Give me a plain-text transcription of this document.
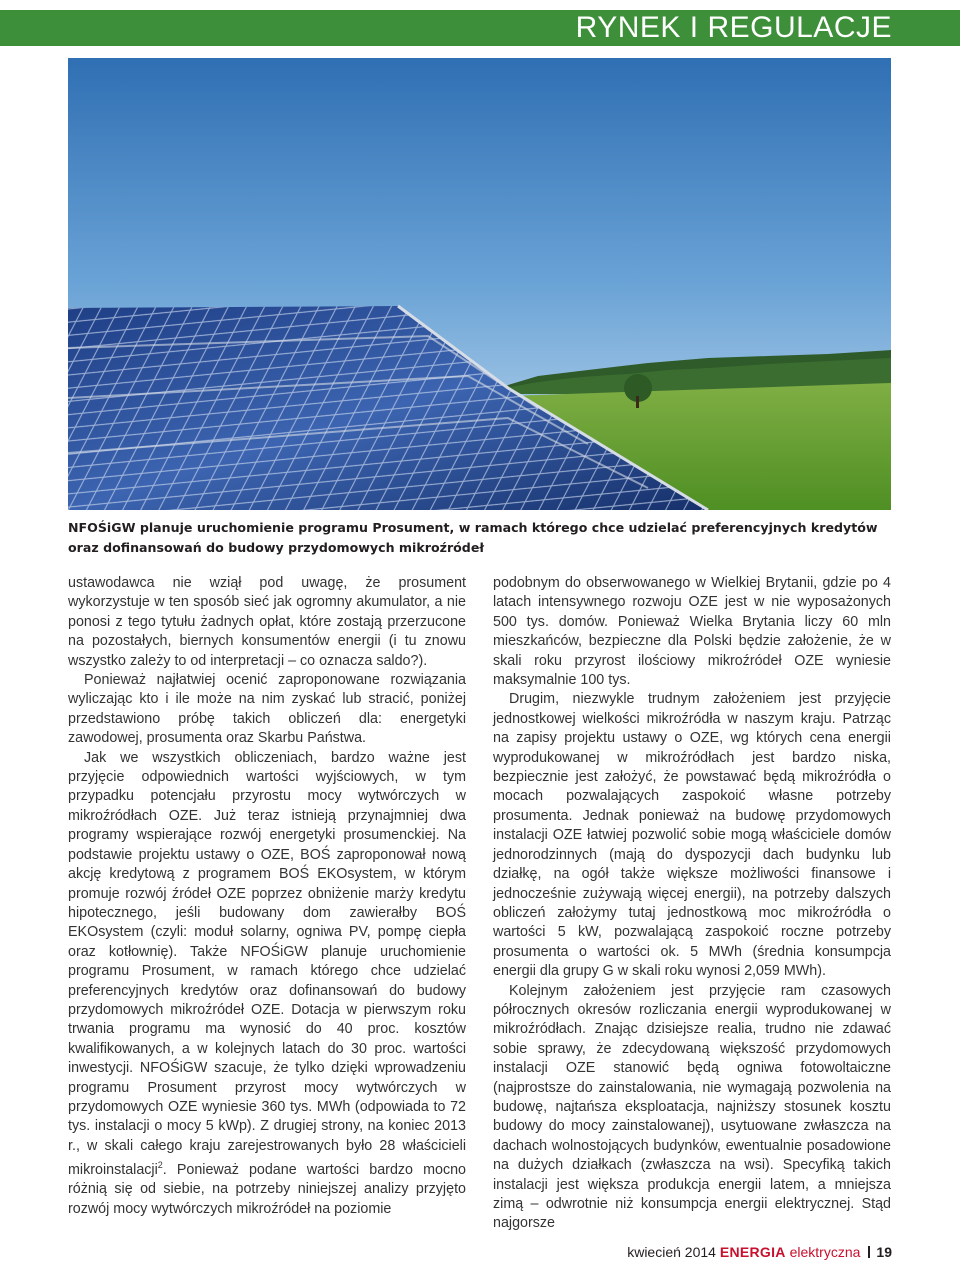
RYNEK I REGULACJE
NFOŚiGW planuje uruchomienie programu Prosument, w ramach którego chce udzielać preferencyjnych kredytów
oraz dofinansowań do budowy przydomowych mikroźródeł

ustawodawca nie wziął pod uwagę, że prosument wykorzystuje w ten sposób sieć jak ogromny akumulator, a nie ponosi z tego tytułu żadnych opłat, które zostają przerzucone na pozostałych, biernych konsumentów energii (i tu znowu wszystko zależy to od interpretacji – co oznacza saldo?).

Ponieważ najłatwiej ocenić zaproponowane rozwiązania wyliczając kto i ile może na nim zyskać lub stracić, poniżej przedstawiono próbę takich obliczeń dla: energetyki zawodowej, prosumenta oraz Skarbu Państwa.

Jak we wszystkich obliczeniach, bardzo ważne jest przyjęcie odpowiednich wartości wyjściowych, w tym przypadku potencjału przyrostu mocy wytwórczych w mikroźródłach OZE. Już teraz istnieją przynajmniej dwa programy wspierające rozwój energetyki prosumenckiej. Na podstawie projektu ustawy o OZE, BOŚ zaproponował nową akcję kredytową z programem BOŚ EKOsystem, w którym promuje rozwój źródeł OZE poprzez obniżenie marży kredytu hipotecznego, jeśli budowany dom zawierałby BOŚ EKOsystem (czyli: moduł solarny, ogniwa PV, pompę ciepła oraz kotłownię). Także NFOŚiGW planuje uruchomienie programu Prosument, w ramach którego chce udzielać preferencyjnych kredytów oraz dofinansowań do budowy przydomowych mikroźródeł OZE. Dotacja w pierwszym roku trwania programu ma wynosić do 40 proc. kosztów kwalifikowanych, a w kolejnych latach do 30 proc. wartości inwestycji. NFOŚiGW szacuje, że tylko dzięki wprowadzeniu programu Prosument przyrost mocy wytwórczych w przydomowych OZE wyniesie 360 tys. MWh (odpowiada to 72 tys. instalacji o mocy 5 kWp). Z drugiej strony, na koniec 2013 r., w skali całego kraju zarejestrowanych było 28 właścicieli mikroinstalacji$^2$. Ponieważ podane wartości bardzo mocno różnią się od siebie, na potrzeby niniejszej analizy przyjęto rozwój mocy wytwórczych mikroźródeł na poziomie

podobnym do obserwowanego w Wielkiej Brytanii, gdzie po 4 latach intensywnego rozwoju OZE jest w nie wyposażonych 500 tys. domów. Ponieważ Wielka Brytania liczy 60 mln mieszkańców, bezpieczne dla Polski będzie założenie, że w skali roku przyrost ilościowy mikroźródeł OZE wyniesie maksymalnie 100 tys.

Drugim, niezwykle trudnym założeniem jest przyjęcie jednostkowej wielkości mikroźródła w naszym kraju. Patrząc na zapisy projektu ustawy o OZE, wg których cena energii wyprodukowanej w mikroźródłach jest bardzo niska, bezpiecznie jest założyć, że powstawać będą mikroźródła o mocach pozwalających zaspokoić własne potrzeby prosumenta. Jednak ponieważ na budowę przydomowych instalacji OZE łatwiej pozwolić sobie mogą właściciele domów jednorodzinnych (mają do dyspozycji dach budynku lub działkę, na ogół także większe możliwości finansowe i jednocześnie zużywają więcej energii), na potrzeby dalszych obliczeń założymy tutaj jednostkową moc mikroźródła o wartości 5 kW, pozwalającą zaspokoić roczne potrzeby prosumenta o wartości ok. 5 MWh (średnia konsumpcja energii dla grupy G w skali roku wynosi 2,059 MWh).

Kolejnym założeniem jest przyjęcie ram czasowych półrocznych okresów rozliczania energii wyprodukowanej w mikroźródłach. Znając dzisiejsze realia, trudno nie zdawać sobie sprawy, że zdecydowaną większość przydomowych instalacji OZE stanowić będą ogniwa fotowoltaiczne (najprostsze do zainstalowania, nie wymagają pozwolenia na budowę, najtańsza eksploatacja, najniższy stosunek kosztu budowy do mocy zainstalowanej), usytuowane zwłaszcza na dachach wolnostojących budynków, ewentualnie posadowione na dużych działkach (zwłaszcza na wsi). Specyfiką takich instalacji jest większa produkcja energii latem, a mniejsza zimą – odwrotnie niż konsumpcja energii elektrycznej. Stąd najgorsze

kwiecień 2014 ENERGIA elektryczna 19
